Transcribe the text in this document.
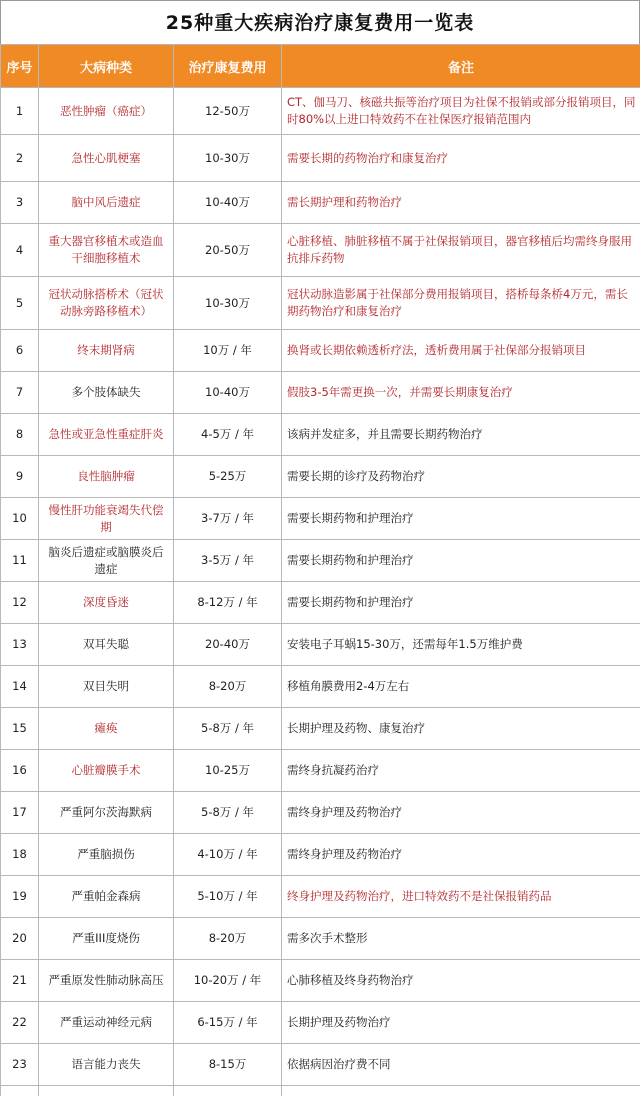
25种重大疾病治疗康复费用一览表
序号	大病种类	治疗康复费用	备注
1	恶性肿瘤（癌症）	12-50万	CT、伽马刀、核磁共振等治疗项目为社保不报销或部分报销项目，同时80%以上进口特效药不在社保医疗报销范围内
2	急性心肌梗塞	10-30万	需要长期的药物治疗和康复治疗
3	脑中风后遗症	10-40万	需长期护理和药物治疗
4	重大器官移植术或造血干细胞移植术	20-50万	心脏移植、肺脏移植不属于社保报销项目，器官移植后均需终身服用抗排斥药物
5	冠状动脉搭桥术（冠状动脉旁路移植术）	10-30万	冠状动脉造影属于社保部分费用报销项目，搭桥每条桥4万元，需长期药物治疗和康复治疗
6	终末期肾病	10万 / 年	换肾或长期依赖透析疗法，透析费用属于社保部分报销项目
7	多个肢体缺失	10-40万	假肢3-5年需更换一次，并需要长期康复治疗
8	急性或亚急性重症肝炎	4-5万 / 年	该病并发症多，并且需要长期药物治疗
9	良性脑肿瘤	5-25万	需要长期的诊疗及药物治疗
10	慢性肝功能衰竭失代偿期	3-7万 / 年	需要长期药物和护理治疗
11	脑炎后遗症或脑膜炎后遗症	3-5万 / 年	需要长期药物和护理治疗
12	深度昏迷	8-12万 / 年	需要长期药物和护理治疗
13	双耳失聪	20-40万	安装电子耳蜗15-30万，还需每年1.5万维护费
14	双目失明	8-20万	移植角膜费用2-4万左右
15	瘫痪	5-8万 / 年	长期护理及药物、康复治疗
16	心脏瓣膜手术	10-25万	需终身抗凝药治疗
17	严重阿尔茨海默病	5-8万 / 年	需终身护理及药物治疗
18	严重脑损伤	4-10万 / 年	需终身护理及药物治疗
19	严重帕金森病	5-10万 / 年	终身护理及药物治疗，进口特效药不是社保报销药品
20	严重III度烧伤	8-20万	需多次手术整形
21	严重原发性肺动脉高压	10-20万 / 年	心肺移植及终身药物治疗
22	严重运动神经元病	6-15万 / 年	长期护理及药物治疗
23	语言能力丧失	8-15万	依据病因治疗费不同
